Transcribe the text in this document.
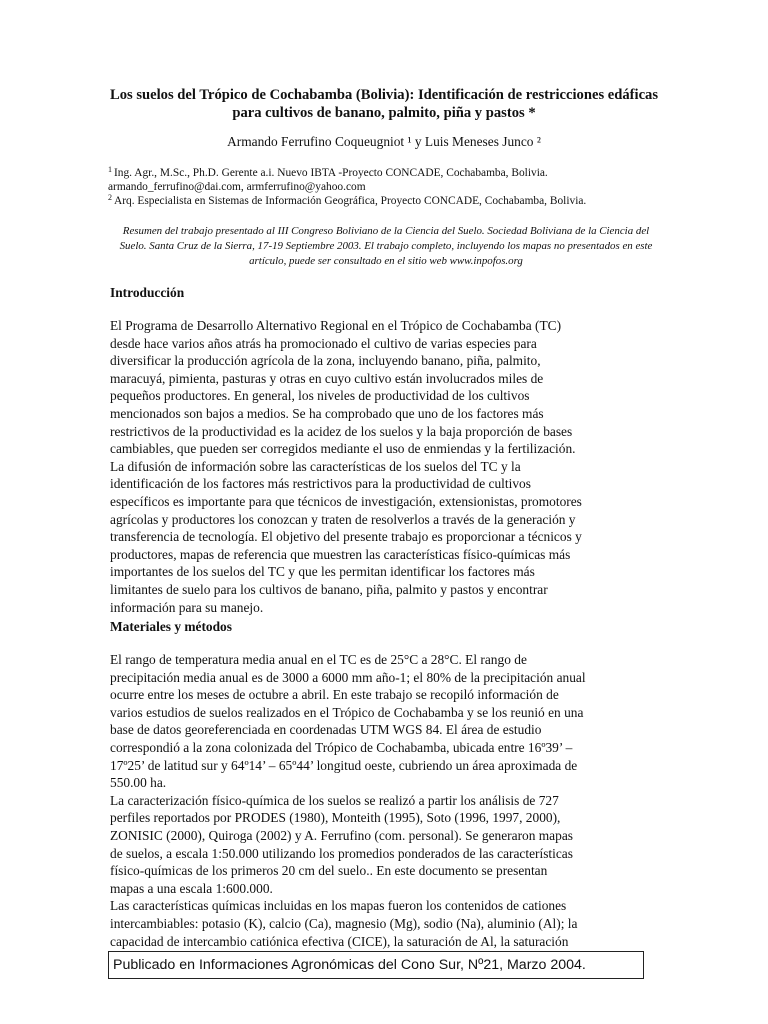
Los suelos del Trópico de Cochabamba (Bolivia): Identificación de restricciones edáficas para cultivos de banano, palmito, piña y pastos *
Armando Ferrufino Coqueugniot ¹ y Luis Meneses Junco ²
$^1$ Ing. Agr., M.Sc., Ph.D. Gerente a.i. Nuevo IBTA -Proyecto CONCADE, Cochabamba, Bolivia. armando_ferrufino@dai.com, armferrufino@yahoo.com
$^2$ Arq. Especialista en Sistemas de Información Geográfica, Proyecto CONCADE, Cochabamba, Bolivia.
Resumen del trabajo presentado al III Congreso Boliviano de la Ciencia del Suelo. Sociedad Boliviana de la Ciencia del Suelo. Santa Cruz de la Sierra, 17-19 Septiembre 2003. El trabajo completo, incluyendo los mapas no presentados en este artículo, puede ser consultado en el sitio web www.inpofos.org
Introducción
El Programa de Desarrollo Alternativo Regional en el Trópico de Cochabamba (TC)
desde hace varios años atrás ha promocionado el cultivo de varias especies para
diversificar la producción agrícola de la zona, incluyendo banano, piña, palmito,
maracuyá, pimienta, pasturas y otras en cuyo cultivo están involucrados miles de
pequeños productores. En general, los niveles de productividad de los cultivos
mencionados son bajos a medios. Se ha comprobado que uno de los factores más
restrictivos de la productividad es la acidez de los suelos y la baja proporción de bases
cambiables, que pueden ser corregidos mediante el uso de enmiendas y la fertilización.
La difusión de información sobre las características de los suelos del TC y la
identificación de los factores más restrictivos para la productividad de cultivos
específicos es importante para que técnicos de investigación, extensionistas, promotores
agrícolas y productores los conozcan y traten de resolverlos a través de la generación y
transferencia de tecnología. El objetivo del presente trabajo es proporcionar a técnicos y
productores, mapas de referencia que muestren las características físico-químicas más
importantes de los suelos del TC y que les permitan identificar los factores más
limitantes de suelo para los cultivos de banano, piña, palmito y pastos y encontrar
información para su manejo.
Materiales y métodos
El rango de temperatura media anual en el TC es de 25°C a 28°C. El rango de
precipitación media anual es de 3000 a 6000 mm año-1; el 80% de la precipitación anual
ocurre entre los meses de octubre a abril. En este trabajo se recopiló información de
varios estudios de suelos realizados en el Trópico de Cochabamba y se los reunió en una
base de datos georeferenciada en coordenadas UTM WGS 84. El área de estudio
correspondió a la zona colonizada del Trópico de Cochabamba, ubicada entre 16º39’ –
17º25’ de latitud sur y 64º14’ – 65º44’ longitud oeste, cubriendo un área aproximada de
550.00 ha.
La caracterización físico-química de los suelos se realizó a partir los análisis de 727
perfiles reportados por PRODES (1980), Monteith (1995), Soto (1996, 1997, 2000),
ZONISIC (2000), Quiroga (2002) y A. Ferrufino (com. personal). Se generaron mapas
de suelos, a escala 1:50.000 utilizando los promedios ponderados de las características
físico-químicas de los primeros 20 cm del suelo.. En este documento se presentan
mapas a una escala 1:600.000.
Las características químicas incluidas en los mapas fueron los contenidos de cationes
intercambiables: potasio (K), calcio (Ca), magnesio (Mg), sodio (Na), aluminio (Al); la
capacidad de intercambio catiónica efectiva (CICE), la saturación de Al, la saturación
Publicado en Informaciones Agronómicas del Cono Sur, Nº21, Marzo 2004.
